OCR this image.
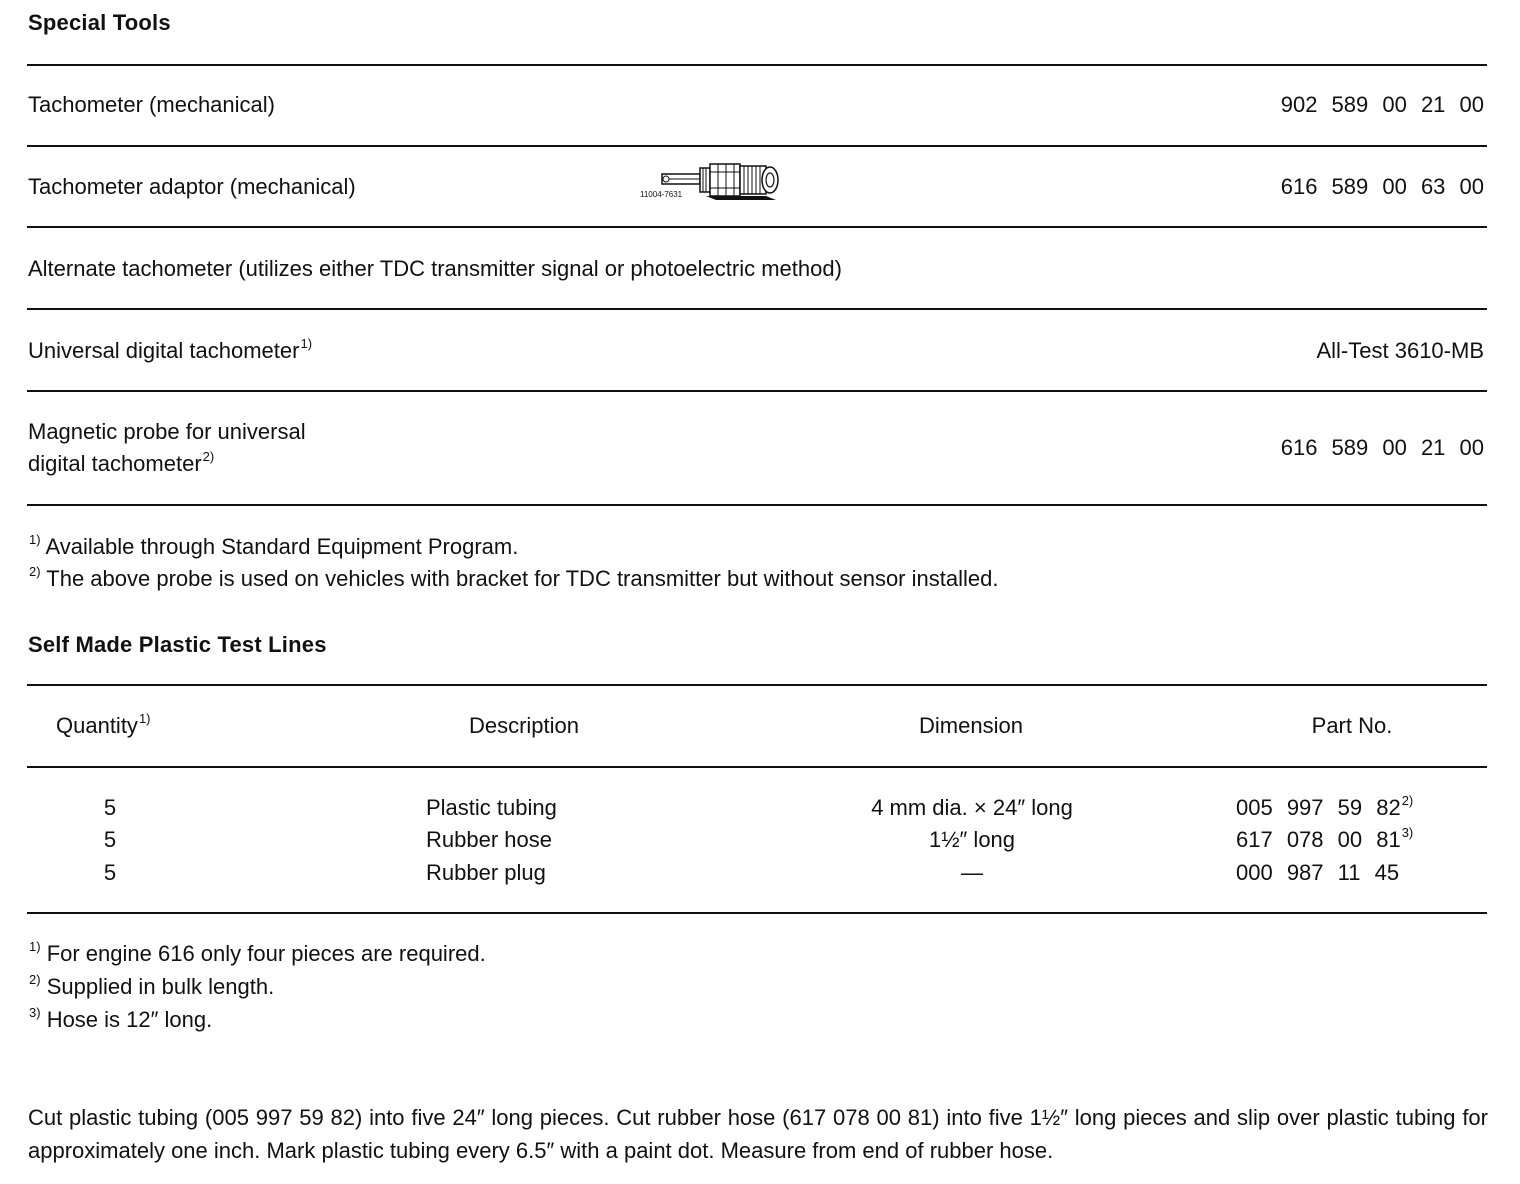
Special Tools
Tachometer (mechanical)	902 589 00 21 00
Tachometer adaptor (mechanical)	11004-7631	616 589 00 63 00
Alternate tachometer (utilizes either TDC transmitter signal or photoelectric method)
Universal digital tachometer$^{1)}$	All-Test 3610-MB
Magnetic probe for universal
digital tachometer$^{2)}$	616 589 00 21 00
$^{1)}$ Available through Standard Equipment Program.
$^{2)}$ The above probe is used on vehicles with bracket for TDC transmitter but without sensor installed.
Self Made Plastic Test Lines
Quantity$^{1)}$	Description	Dimension	Part No.
5	Plastic tubing	4 mm dia. × 24″ long	005 997 59 82$^{2)}$
5	Rubber hose	1½″ long	617 078 00 81$^{3)}$
5	Rubber plug	—	000 987 11 45
$^{1)}$ For engine 616 only four pieces are required.
$^{2)}$ Supplied in bulk length.
$^{3)}$ Hose is 12″ long.
Cut plastic tubing (005 997 59 82) into five 24″ long pieces. Cut rubber hose (617 078 00 81) into five 1½″ long pieces and slip over plastic tubing for approximately one inch. Mark plastic tubing every 6.5″ with a paint dot. Measure from end of rubber hose.
